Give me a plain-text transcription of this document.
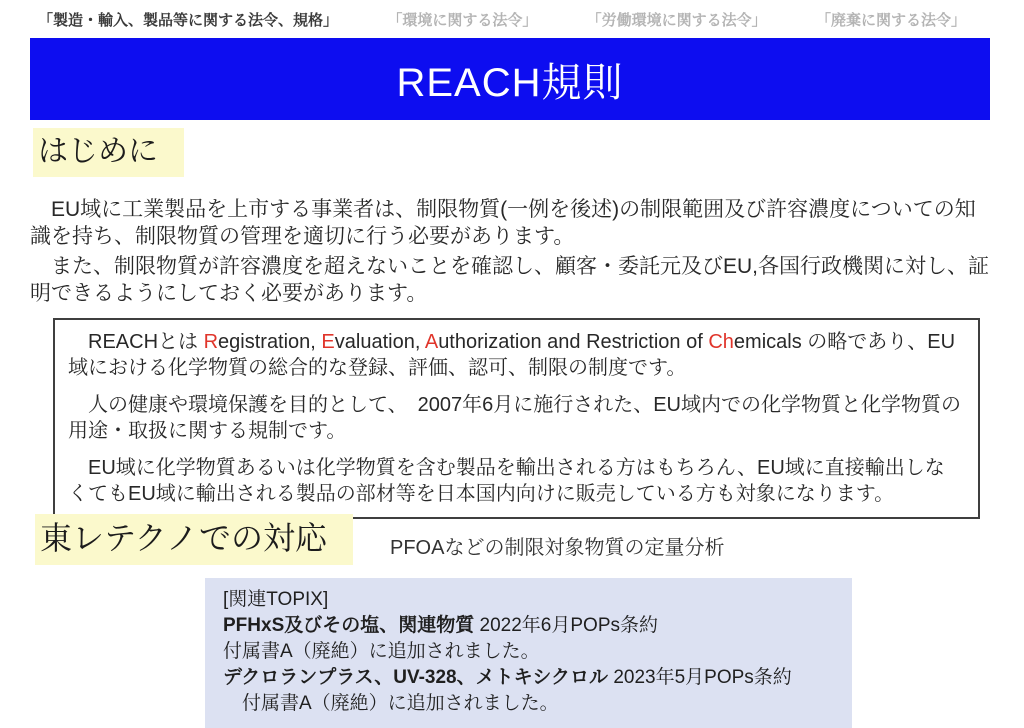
「製造・輸入、製品等に関する法令、規格」	「環境に関する法令」	「労働環境に関する法令」	「廃棄に関する法令」
REACH規則
はじめに

　EU域に工業製品を上市する事業者は、制限物質(一例を後述)の制限範囲及び許容濃度についての知識を持ち、制限物質の管理を適切に行う必要があります。

　また、制限物質が許容濃度を超えないことを確認し、顧客・委託元及びEU,各国行政機関に対し、証明できるようにしておく必要があります。

　REACHとは Registration, Evaluation, Authorization and Restriction of Chemicals の略であり、EU域における化学物質の総合的な登録、評価、認可、制限の制度です。

　人の健康や環境保護を目的として、　2007年6月に施行された、EU域内での化学物質と化学物質の用途・取扱に関する規制です。

　EU域に化学物質あるいは化学物質を含む製品を輸出される方はもちろん、EU域に直接輸出しなくてもEU域に輸出される製品の部材等を日本国内向けに販売している方も対象になります。

東レテクノでの対応	PFOAなどの制限対象物質の定量分析

[関連TOPIX]
PFHxS及びその塩、関連物質 2022年6月POPs条約
付属書A（廃絶）に追加されました。
デクロランプラス、UV-328、メトキシクロル 2023年5月POPs条約
　付属書A（廃絶）に追加されました。
